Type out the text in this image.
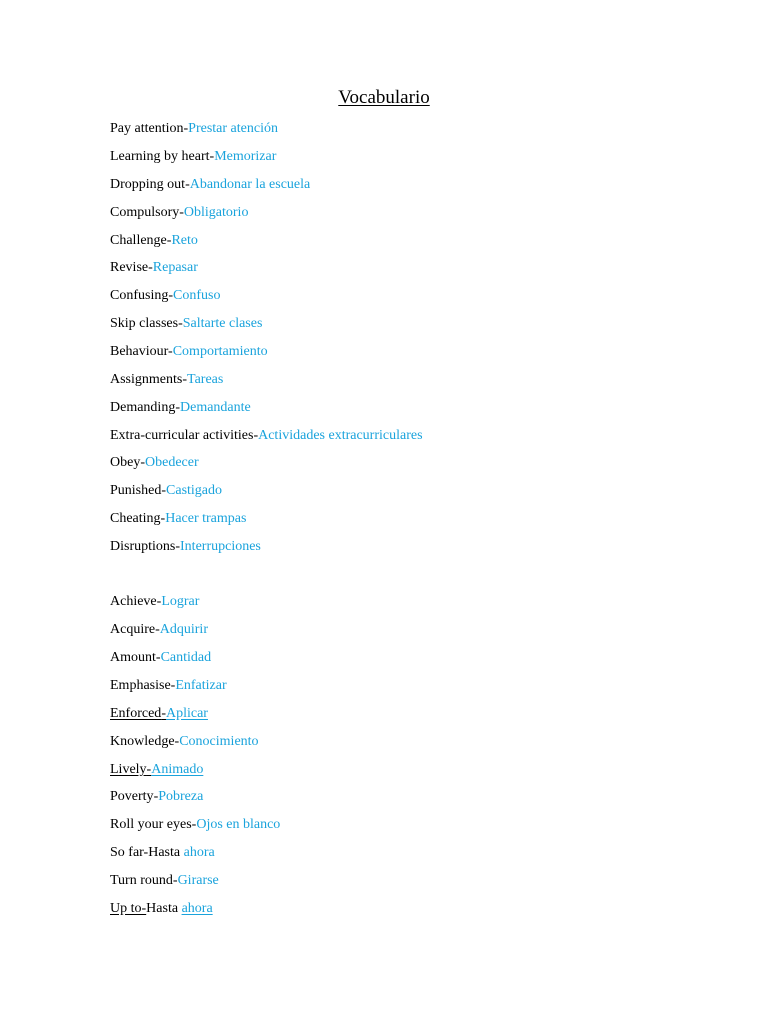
Vocabulario
Pay attention-Prestar atención
Learning by heart-Memorizar
Dropping out-Abandonar la escuela
Compulsory-Obligatorio
Challenge-Reto
Revise-Repasar
Confusing-Confuso
Skip classes-Saltarte clases
Behaviour-Comportamiento
Assignments-Tareas
Demanding-Demandante
Extra-curricular activities-Actividades extracurriculares
Obey-Obedecer
Punished-Castigado
Cheating-Hacer trampas
Disruptions-Interrupciones
Achieve-Lograr
Acquire-Adquirir
Amount-Cantidad
Emphasise-Enfatizar
Enforced-Aplicar
Knowledge-Conocimiento
Lively-Animado
Poverty-Pobreza
Roll your eyes-Ojos en blanco
So far-Hasta ahora
Turn round-Girarse
Up to-Hasta ahora
